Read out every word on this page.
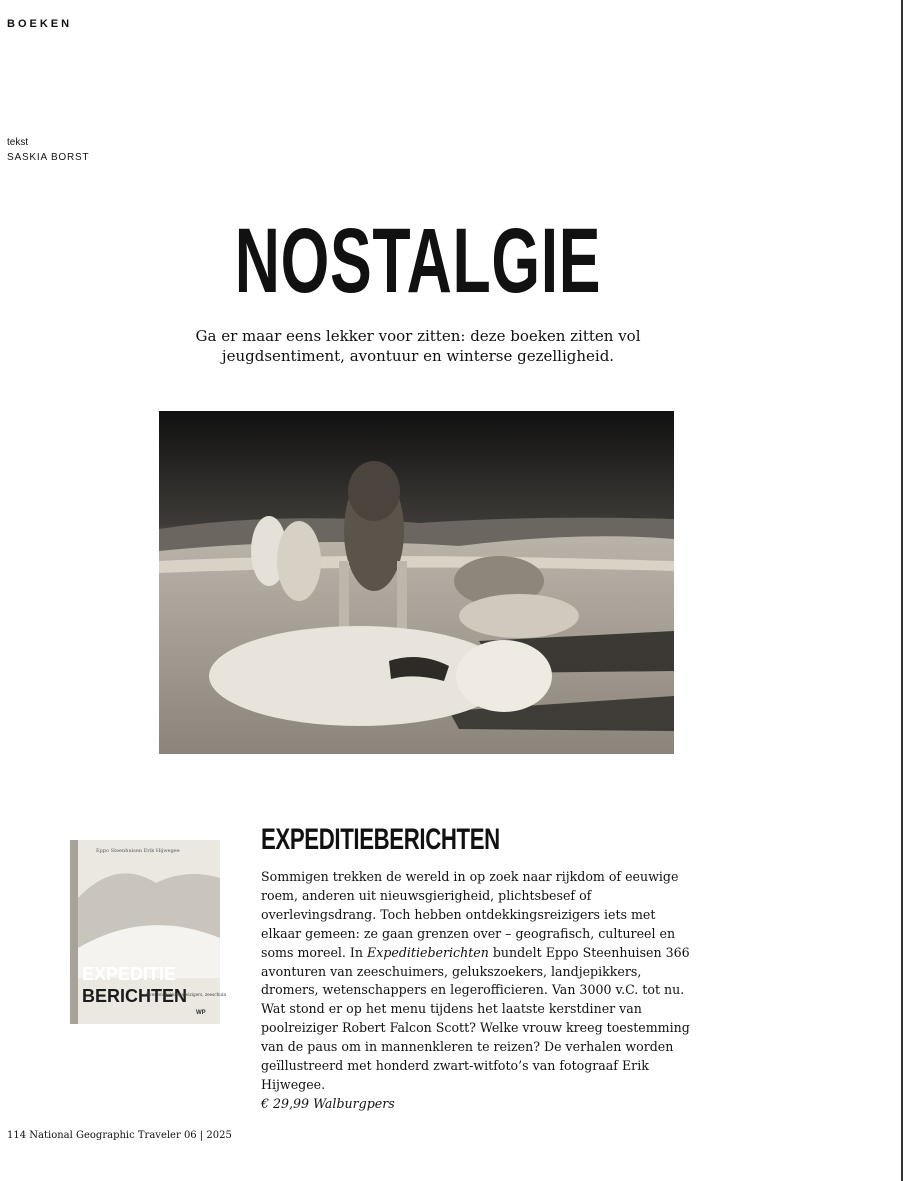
BOEKEN
tekst
SASKIA BORST
NOSTALGIE
Ga er maar eens lekker voor zitten: deze boeken zitten vol jeugdsentiment, avontuur en winterse gezelligheid.
Eppo Steenhuisen Erik Hijwegee
EXPEDITIE
BERICHTEN
Over ontdekkingsreizigers, zeeschuim
WP
EXPEDITIEBERICHTEN

Sommigen trekken de wereld in op zoek naar rijkdom of eeuwige roem, anderen uit nieuwsgierigheid, plichtsbesef of overlevingsdrang. Toch hebben ontdekkingsreizigers iets met elkaar gemeen: ze gaan grenzen over – geografisch, cultureel en soms moreel. In Expeditieberichten bundelt Eppo Steenhuisen 366 avonturen van zeeschuimers, gelukszoekers, landjepikkers, dromers, wetenschappers en legerofficieren. Van 3000 v.C. tot nu. Wat stond er op het menu tijdens het laatste kerstdiner van poolreiziger Robert Falcon Scott? Welke vrouw kreeg toestemming van de paus om in mannenkleren te reizen? De verhalen worden geïllustreerd met honderd zwart-witfoto’s van fotograaf Erik Hijwegee.
€ 29,99 Walburgpers

114 National Geographic Traveler 06 | 2025
